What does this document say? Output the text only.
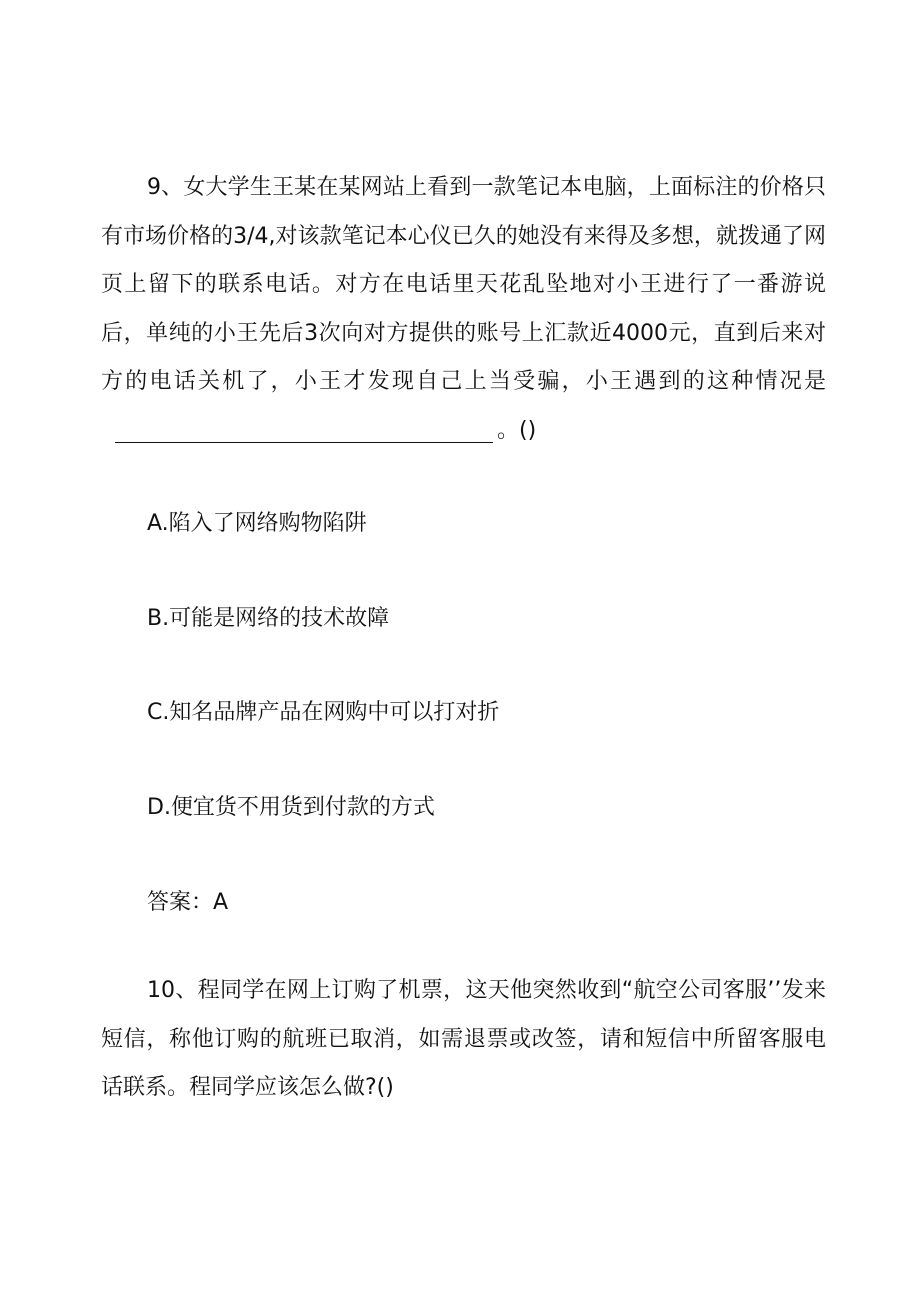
9、女大学生王某在某网站上看到一款笔记本电脑，上面标注的价格只有市场价格的3/4,对该款笔记本心仪已久的她没有来得及多想，就拨通了网页上留下的联系电话。对方在电话里天花乱坠地对小王进行了一番游说后，单纯的小王先后3次向对方提供的账号上汇款近4000元，直到后来对方的电话关机了，小王才发现自己上当受骗，小王遇到的这种情况是。()

A.陷入了网络购物陷阱

B.可能是网络的技术故障

C.知名品牌产品在网购中可以打对折

D.便宜货不用货到付款的方式

答案：A

10、程同学在网上订购了机票，这天他突然收到“航空公司客服’’发来短信，称他订购的航班已取消，如需退票或改签，请和短信中所留客服电话联系。程同学应该怎么做?()
